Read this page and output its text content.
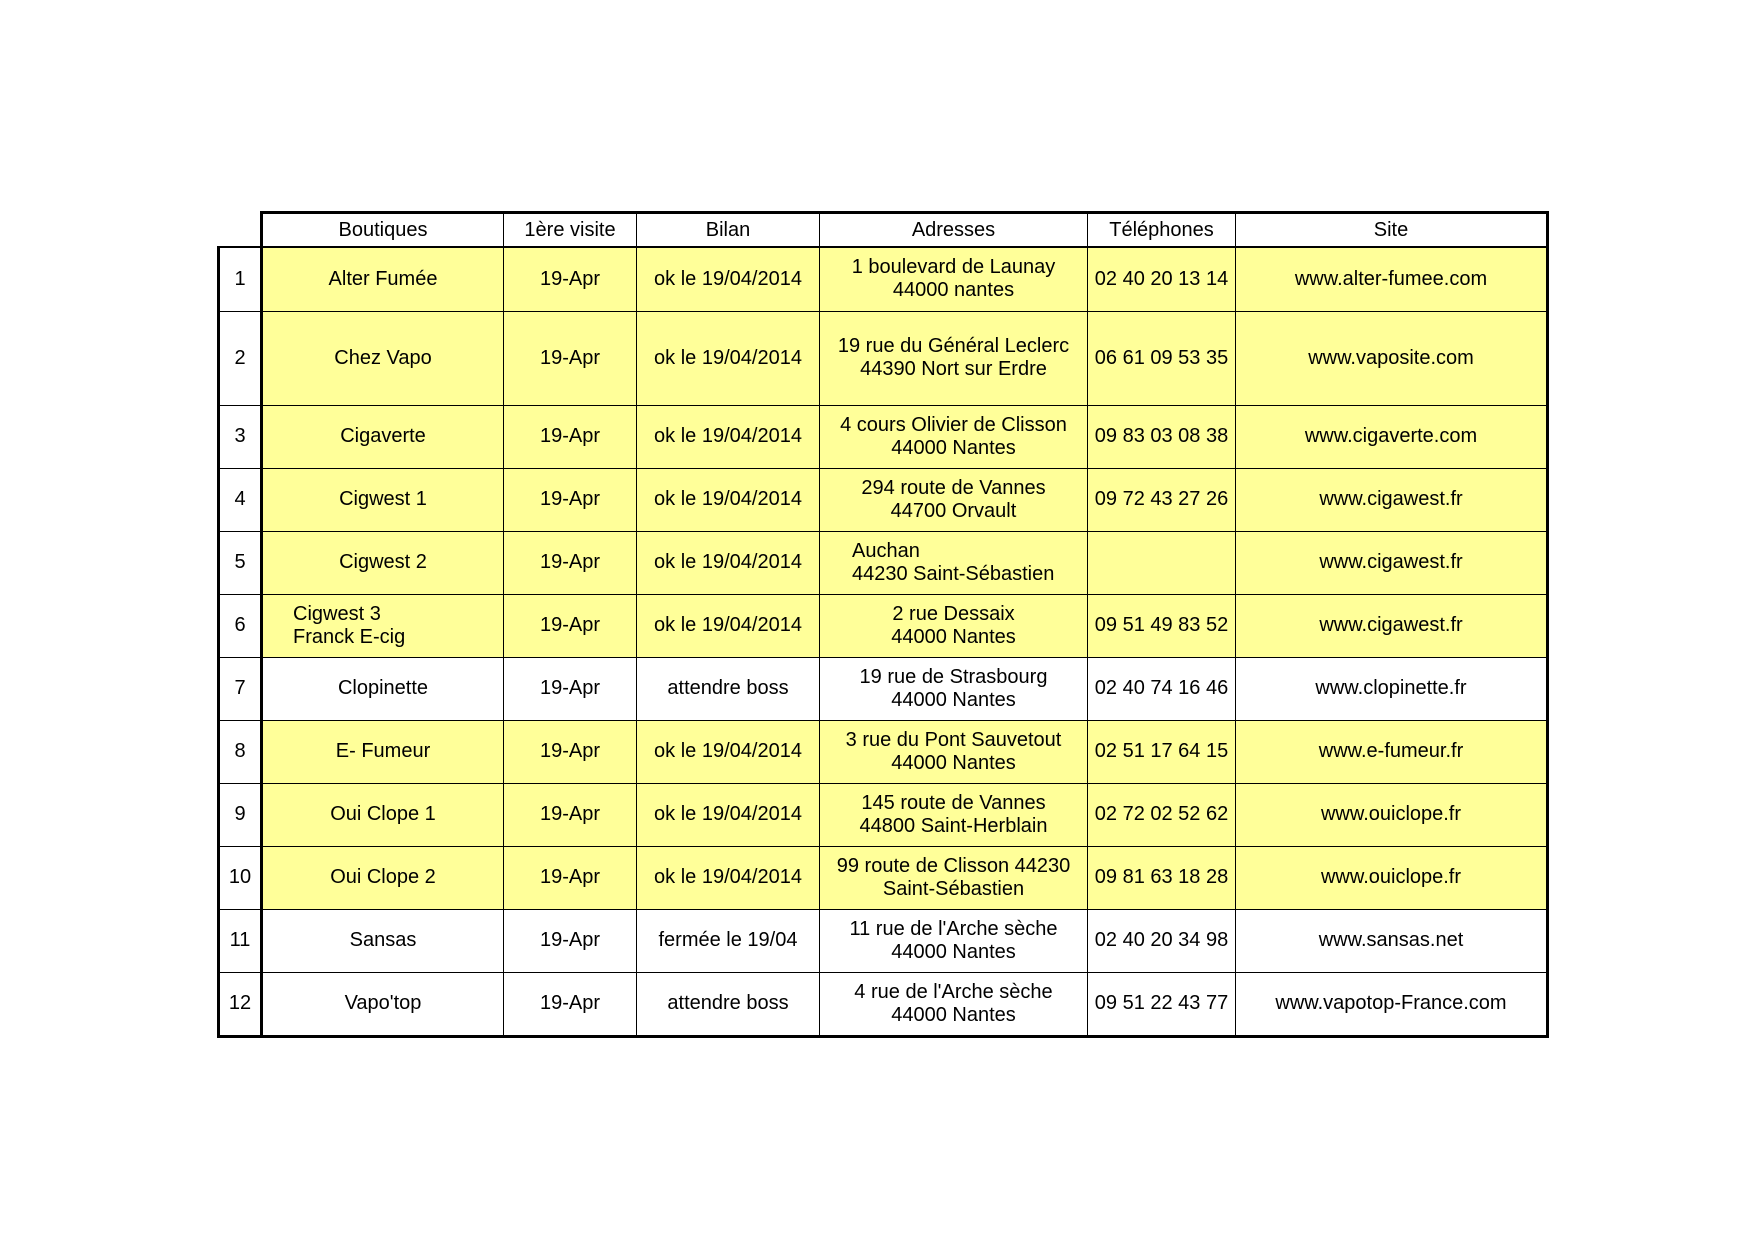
	Boutiques	1ère visite	Bilan	Adresses	Téléphones	Site
1	Alter Fumée	19-Apr	ok le 19/04/2014	1 boulevard de Launay
44000 nantes	02 40 20 13 14	www.alter-fumee.com
2	Chez Vapo	19-Apr	ok le 19/04/2014	19 rue du Général Leclerc
44390 Nort sur Erdre	06 61 09 53 35	www.vaposite.com
3	Cigaverte	19-Apr	ok le 19/04/2014	4 cours Olivier de Clisson
44000 Nantes	09 83 03 08 38	www.cigaverte.com
4	Cigwest 1	19-Apr	ok le 19/04/2014	294 route de Vannes
44700 Orvault	09 72 43 27 26	www.cigawest.fr
5	Cigwest 2	19-Apr	ok le 19/04/2014	Auchan
44230 Saint-Sébastien		www.cigawest.fr
6	Cigwest 3
Franck E-cig	19-Apr	ok le 19/04/2014	2 rue Dessaix
44000 Nantes	09 51 49 83 52	www.cigawest.fr
7	Clopinette	19-Apr	attendre boss	19 rue de Strasbourg
44000 Nantes	02 40 74 16 46	www.clopinette.fr
8	E- Fumeur	19-Apr	ok le 19/04/2014	3 rue du Pont Sauvetout
44000 Nantes	02 51 17 64 15	www.e-fumeur.fr
9	Oui Clope 1	19-Apr	ok le 19/04/2014	145 route de Vannes
44800 Saint-Herblain	02 72 02 52 62	www.ouiclope.fr
10	Oui Clope 2	19-Apr	ok le 19/04/2014	99 route de Clisson 44230
Saint-Sébastien	09 81 63 18 28	www.ouiclope.fr
11	Sansas	19-Apr	fermée le 19/04	11 rue de l'Arche sèche
44000 Nantes	02 40 20 34 98	www.sansas.net
12	Vapo'top	19-Apr	attendre boss	4 rue de l'Arche sèche
44000 Nantes	09 51 22 43 77	www.vapotop-France.com
